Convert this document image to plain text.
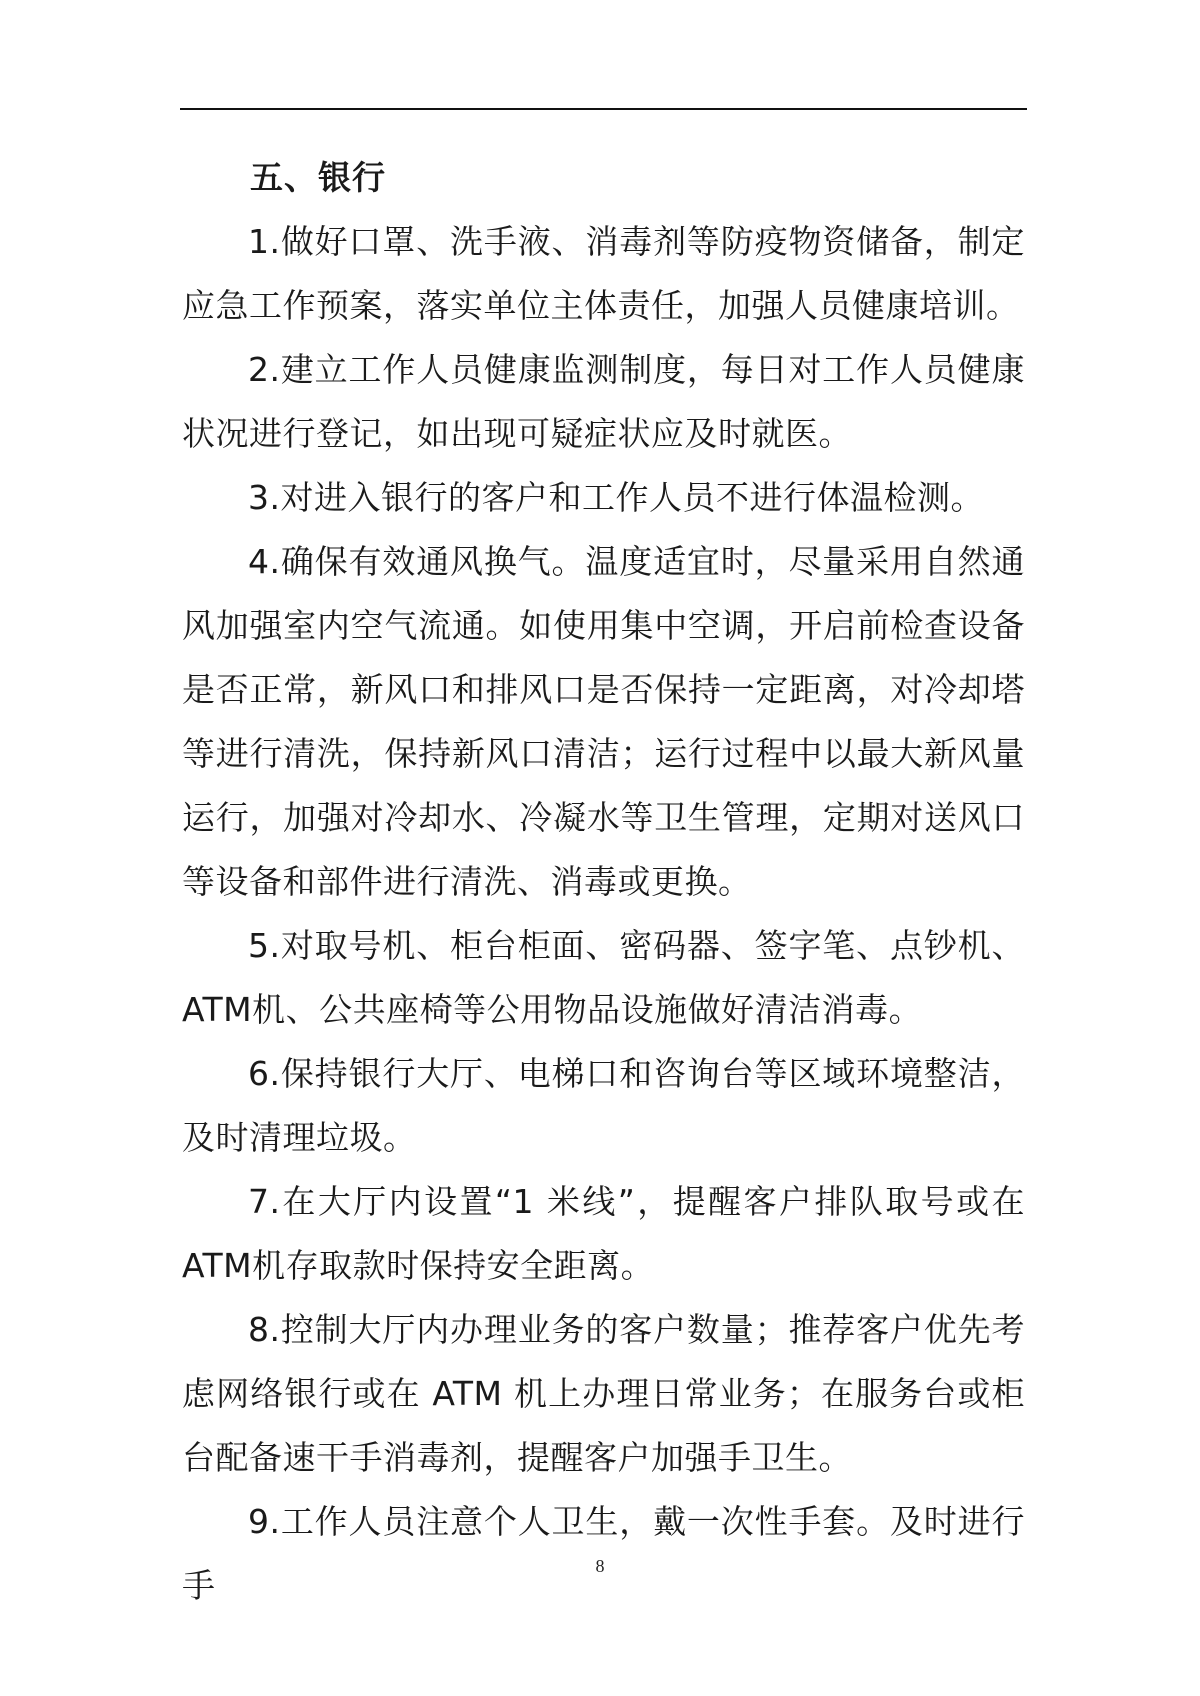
五、银行

1.做好口罩、洗手液、消毒剂等防疫物资储备，制定应急工作预案，落实单位主体责任，加强人员健康培训。

2.建立工作人员健康监测制度，每日对工作人员健康状况进行登记，如出现可疑症状应及时就医。

3.对进入银行的客户和工作人员不进行体温检测。

4.确保有效通风换气。温度适宜时，尽量采用自然通风加强室内空气流通。如使用集中空调，开启前检查设备是否正常，新风口和排风口是否保持一定距离，对冷却塔等进行清洗，保持新风口清洁；运行过程中以最大新风量运行，加强对冷却水、冷凝水等卫生管理，定期对送风口等设备和部件进行清洗、消毒或更换。

5.对取号机、柜台柜面、密码器、签字笔、点钞机、ATM机、公共座椅等公用物品设施做好清洁消毒。

6.保持银行大厅、电梯口和咨询台等区域环境整洁，及时清理垃圾。

7.在大厅内设置“1 米线”，提醒客户排队取号或在 ATM机存取款时保持安全距离。

8.控制大厅内办理业务的客户数量；推荐客户优先考虑网络银行或在 ATM 机上办理日常业务；在服务台或柜台配备速干手消毒剂，提醒客户加强手卫生。

9.工作人员注意个人卫生，戴一次性手套。及时进行手	8
